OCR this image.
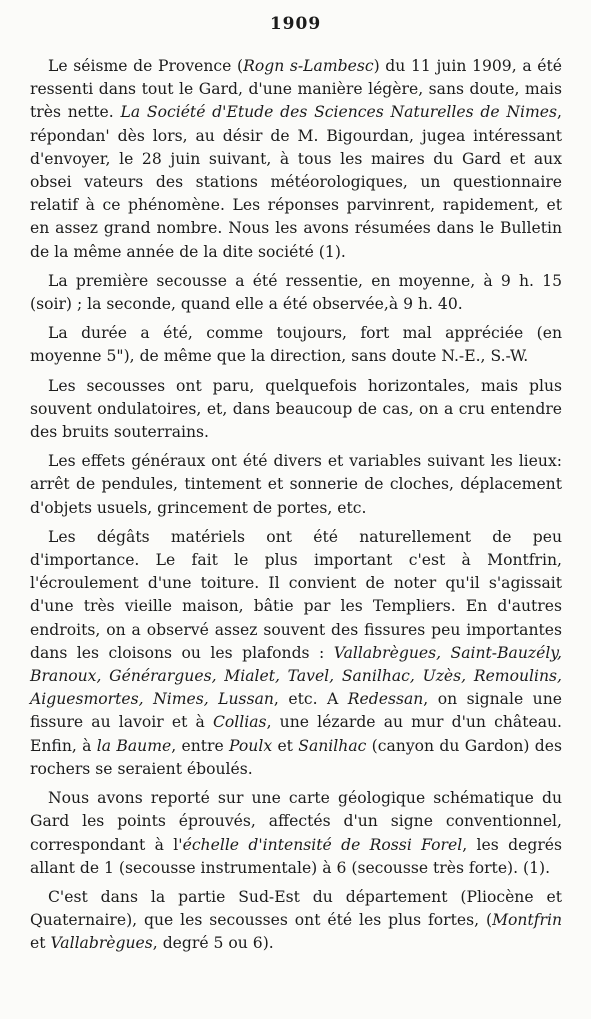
1909

Le séisme de Provence (Rogn s-Lambesc) du 11 juin 1909, a été ressenti dans tout le Gard, d'une manière légère, sans doute, mais très nette. La Société d'Etude des Sciences Naturelles de Nimes, répondan' dès lors, au désir de M. Bigourdan, jugea intéressant d'envoyer, le 28 juin suivant, à tous les maires du Gard et aux obsei vateurs des stations météorologiques, un questionnaire relatif à ce phénomène. Les réponses parvinrent, rapidement, et en assez grand nombre. Nous les avons résumées dans le Bulletin de la même année de la dite société (1).

La première secousse a été ressentie, en moyenne, à 9 h. 15 (soir) ; la seconde, quand elle a été observée,à 9 h. 40.

La durée a été, comme toujours, fort mal appréciée (en moyenne 5"), de même que la direction, sans doute N.-E., S.-W.

Les secousses ont paru, quelquefois horizontales, mais plus souvent ondulatoires, et, dans beaucoup de cas, on a cru entendre des bruits souterrains.

Les effets généraux ont été divers et variables suivant les lieux: arrêt de pendules, tintement et sonnerie de cloches, déplacement d'objets usuels, grincement de portes, etc.

Les dégâts matériels ont été naturellement de peu d'importance. Le fait le plus important c'est à Montfrin, l'écroulement d'une toiture. Il convient de noter qu'il s'agissait d'une très vieille maison, bâtie par les Templiers. En d'autres endroits, on a observé assez souvent des fissures peu importantes dans les cloisons ou les plafonds : Vallabrègues, Saint-Bauzély, Branoux, Générargues, Mialet, Tavel, Sanilhac, Uzès, Remoulins, Aiguesmortes, Nimes, Lussan, etc. A Redessan, on signale une fissure au lavoir et à Collias, une lézarde au mur d'un château. Enfin, à la Baume, entre Poulx et Sanilhac (canyon du Gardon) des rochers se seraient éboulés.

Nous avons reporté sur une carte géologique schématique du Gard les points éprouvés, affectés d'un signe conventionnel, correspondant à l'échelle d'intensité de Rossi Forel, les degrés allant de 1 (secousse instrumentale) à 6 (secousse très forte). (1).

C'est dans la partie Sud-Est du département (Pliocène et Quaternaire), que les secousses ont été les plus fortes, (Montfrin et Vallabrègues, degré 5 ou 6).
